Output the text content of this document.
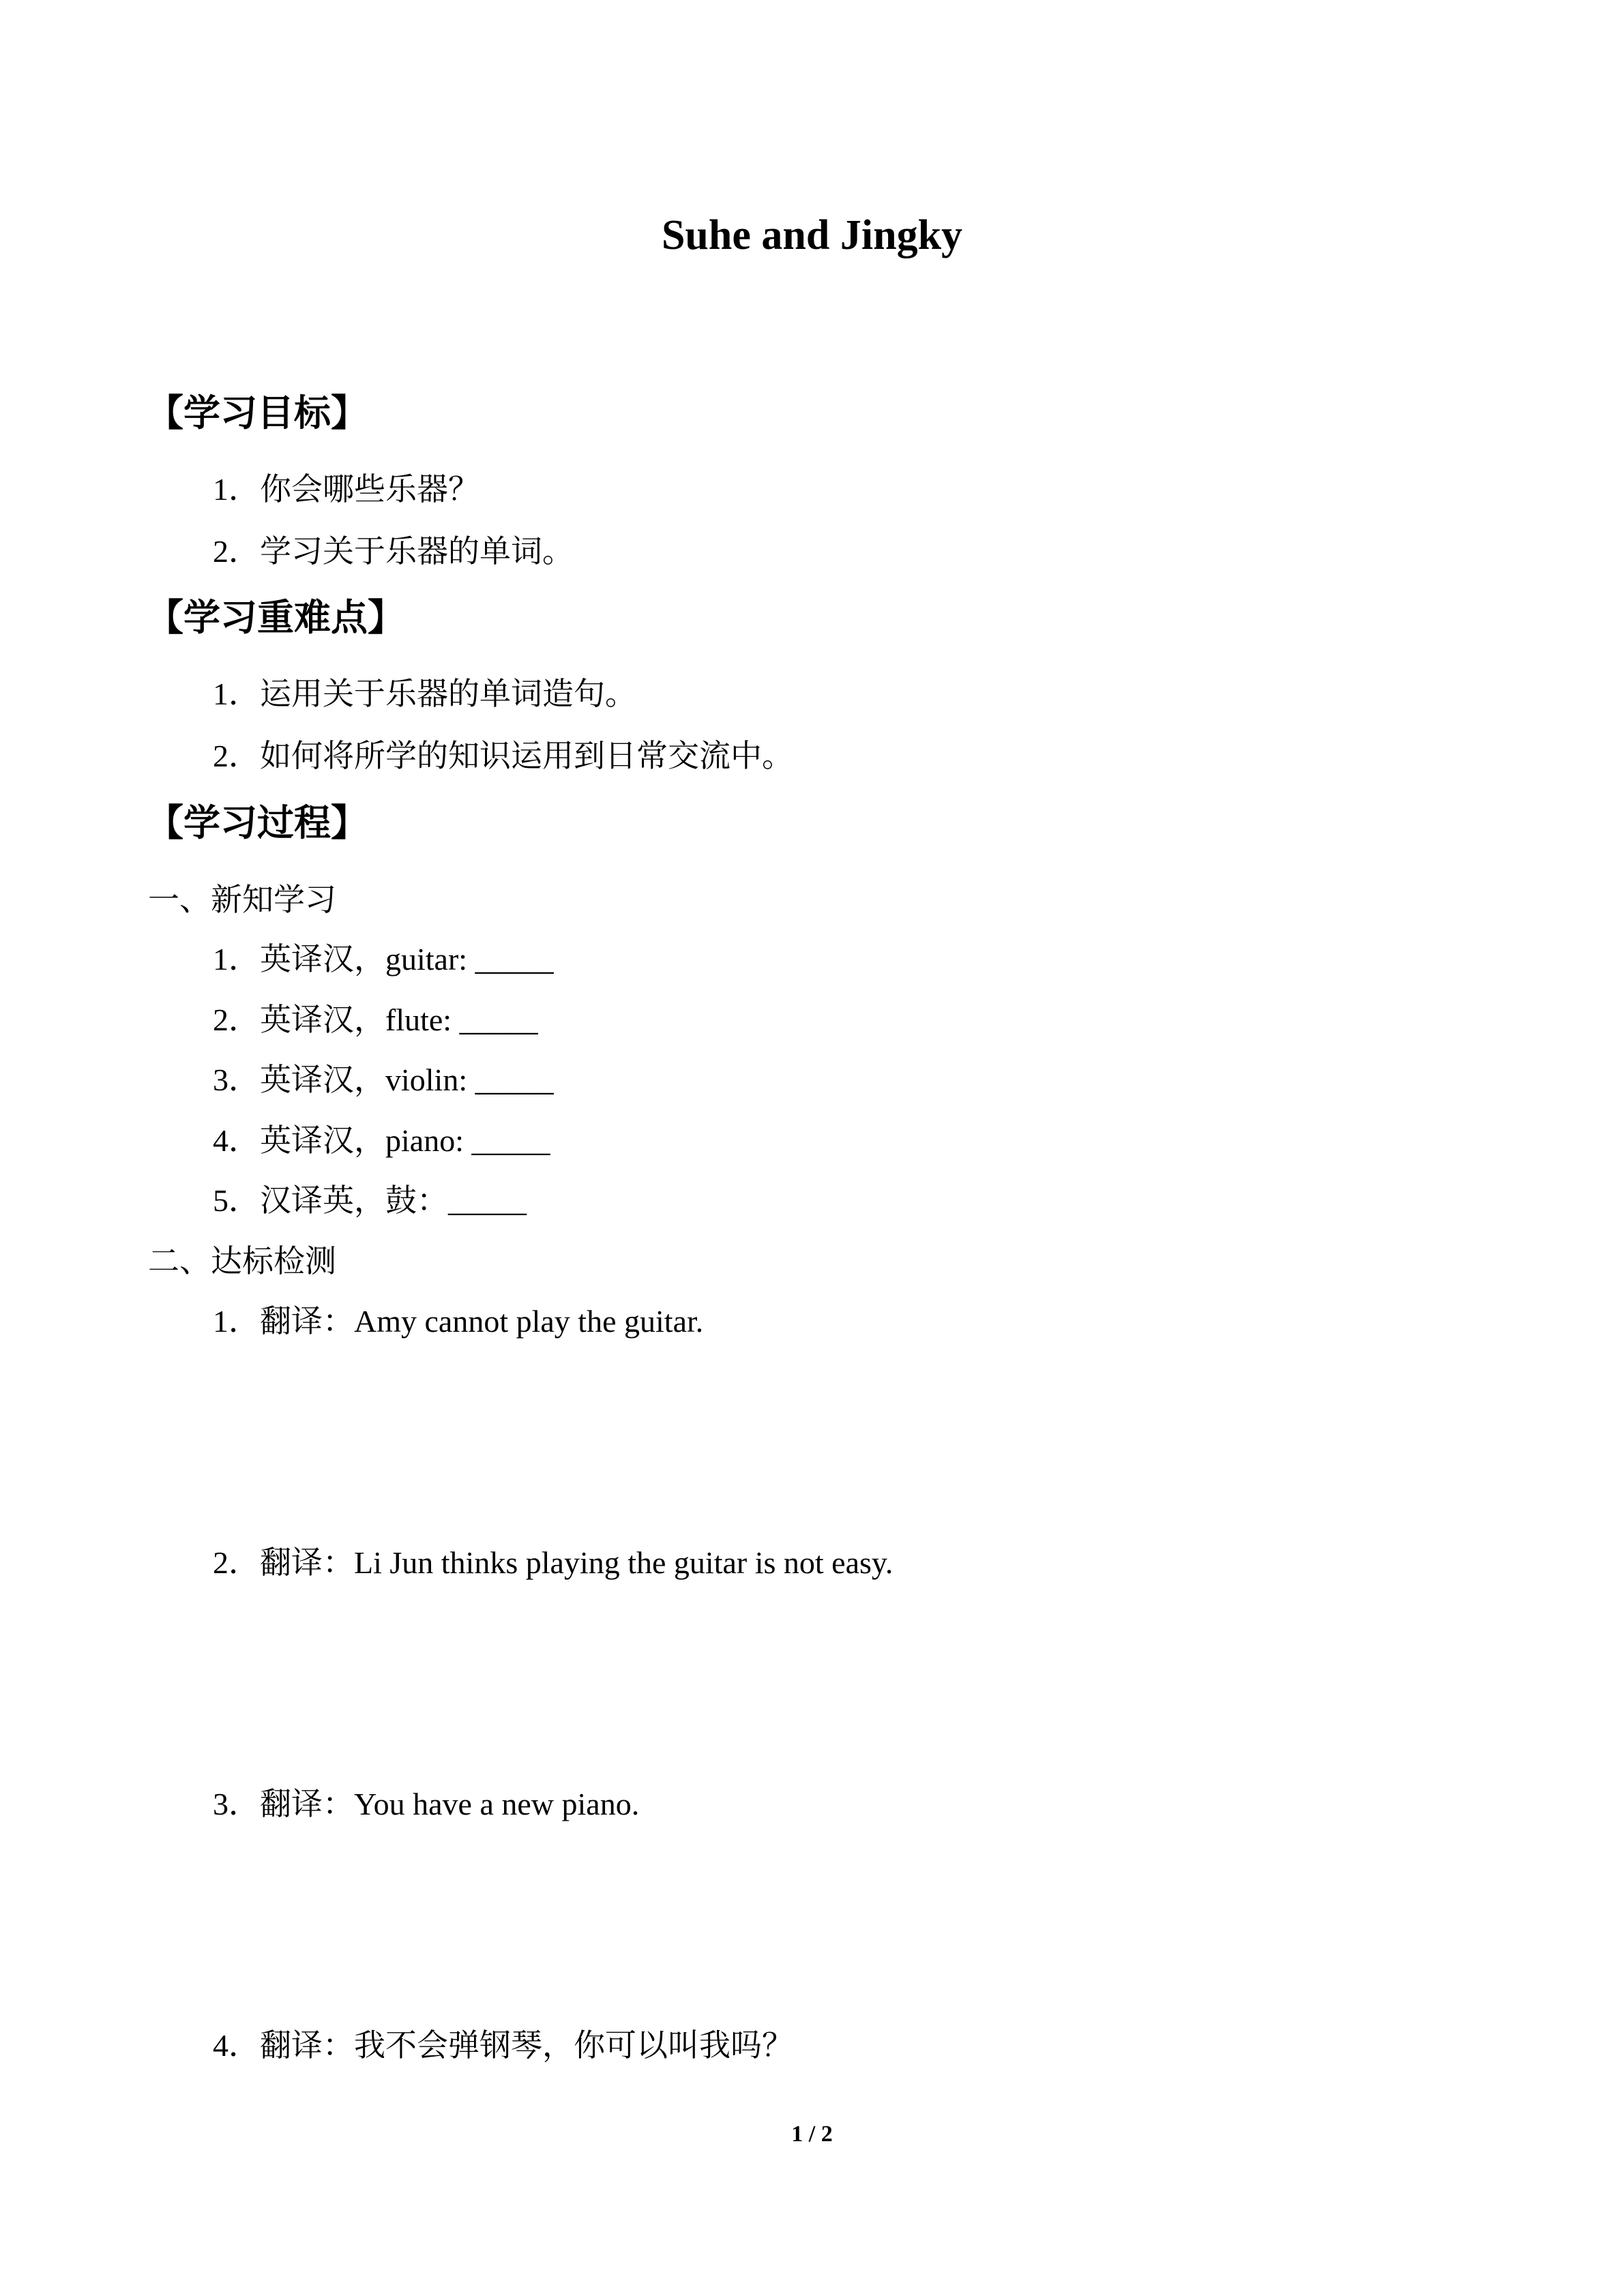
Suhe and Jingky
【学习目标】
1．你会哪些乐器？
2．学习关于乐器的单词。
【学习重难点】
1．运用关于乐器的单词造句。
2．如何将所学的知识运用到日常交流中。
【学习过程】
一、新知学习
1．英译汉，guitar: _____
2．英译汉，flute: _____
3．英译汉，violin: _____
4．英译汉，piano: _____
5．汉译英，鼓：_____
二、达标检测
1．翻译：Amy cannot play the guitar.
2．翻译：Li Jun thinks playing the guitar is not easy.
3．翻译：You have a new piano.
4．翻译：我不会弹钢琴，你可以叫我吗？
1 / 2
